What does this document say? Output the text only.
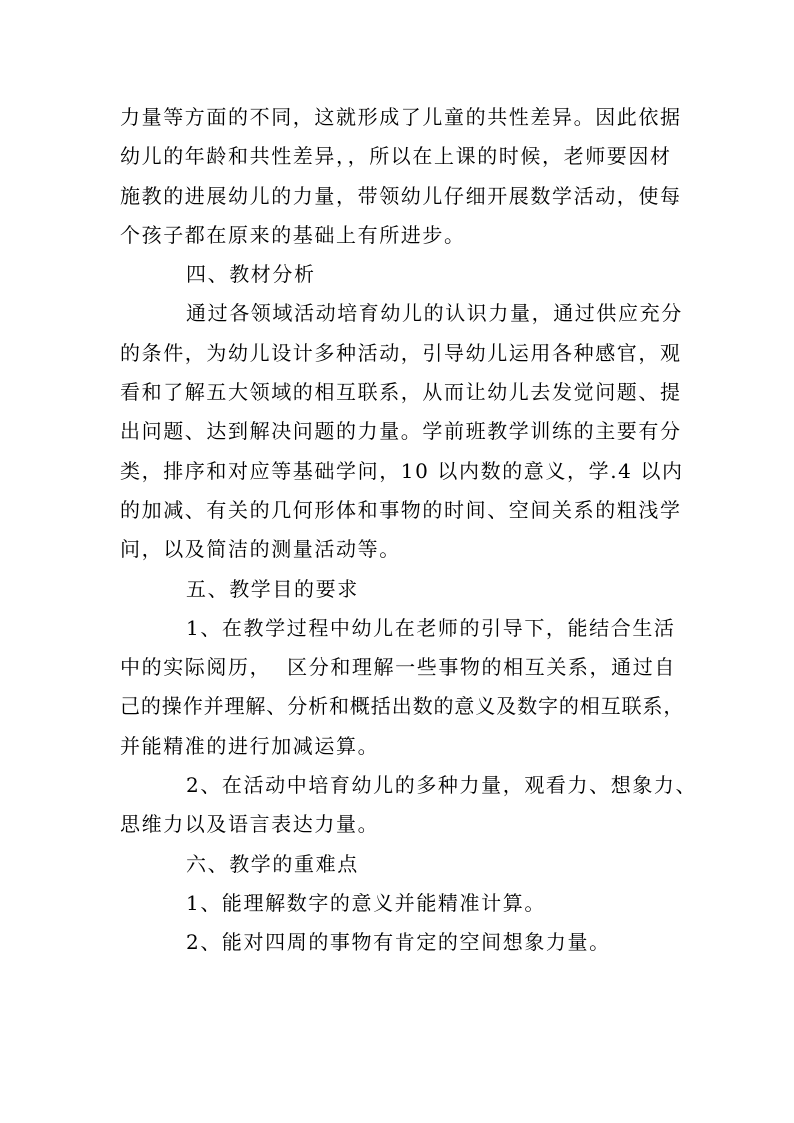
力量等方面的不同，这就形成了儿童的共性差异。因此依据
幼儿的年龄和共性差异，，所以在上课的时候，老师要因材
施教的进展幼儿的力量，带领幼儿仔细开展数学活动，使每
个孩子都在原来的基础上有所进步。
四、教材分析
通过各领域活动培育幼儿的认识力量，通过供应充分
的条件，为幼儿设计多种活动，引导幼儿运用各种感官，观
看和了解五大领域的相互联系，从而让幼儿去发觉问题、提
出问题、达到解决问题的力量。学前班教学训练的主要有分
类，排序和对应等基础学问，10 以内数的意义，学.4 以内
的加减、有关的几何形体和事物的时间、空间关系的粗浅学
问，以及简洁的测量活动等。
五、教学目的要求
1、在教学过程中幼儿在老师的引导下，能结合生活
中的实际阅历，  区分和理解一些事物的相互关系，通过自
己的操作并理解、分析和概括出数的意义及数字的相互联系，
并能精准的进行加减运算。
2、在活动中培育幼儿的多种力量，观看力、想象力、
思维力以及语言表达力量。
六、教学的重难点
1、能理解数字的意义并能精准计算。
2、能对四周的事物有肯定的空间想象力量。
